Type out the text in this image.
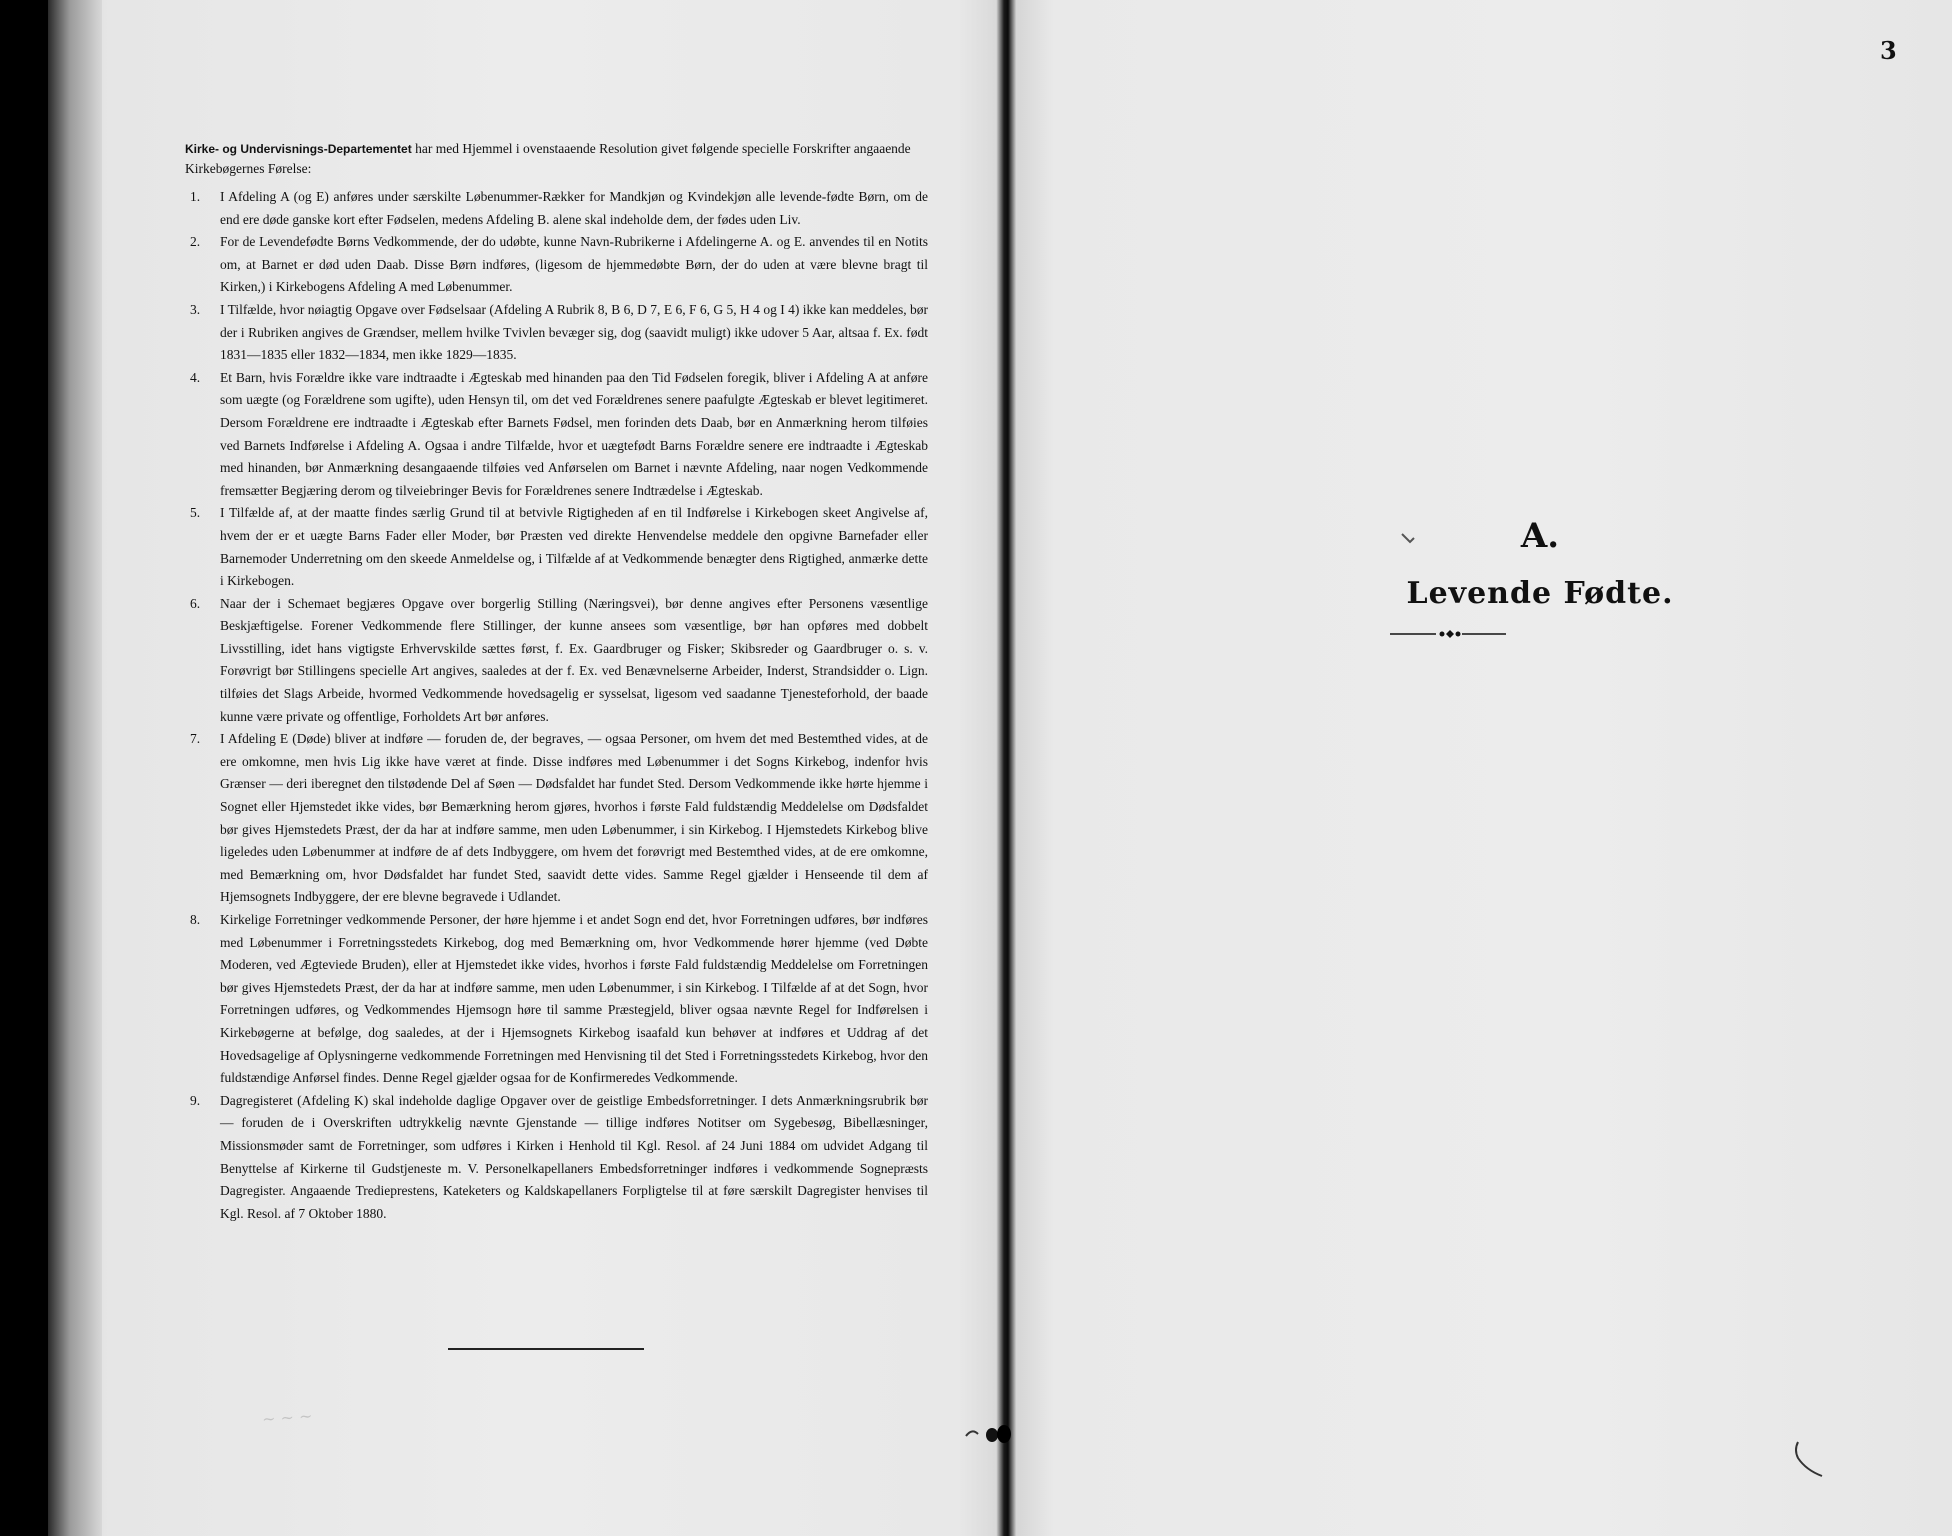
Kirke- og Undervisnings-Departementet har med Hjemmel i ovenstaaende Resolution givet følgende specielle Forskrifter angaaende Kirkebøgernes Førelse:

1.	I Afdeling A (og E) anføres under særskilte Løbenummer-Rækker for Mandkjøn og Kvindekjøn alle levende-fødte Børn, om de end ere døde ganske kort efter Fødselen, medens Afdeling B. alene skal indeholde dem, der fødes uden Liv.
2.	For de Levendefødte Børns Vedkommende, der do udøbte, kunne Navn-Rubrikerne i Afdelingerne A. og E. anvendes til en Notits om, at Barnet er død uden Daab. Disse Børn indføres, (ligesom de hjemmedøbte Børn, der do uden at være blevne bragt til Kirken,) i Kirkebogens Afdeling A med Løbenummer.
3.	I Tilfælde, hvor nøiagtig Opgave over Fødselsaar (Afdeling A Rubrik 8, B 6, D 7, E 6, F 6, G 5, H 4 og I 4) ikke kan meddeles, bør der i Rubriken angives de Grændser, mellem hvilke Tvivlen bevæger sig, dog (saavidt muligt) ikke udover 5 Aar, altsaa f. Ex. født 1831—1835 eller 1832—1834, men ikke 1829—1835.
4.	Et Barn, hvis Forældre ikke vare indtraadte i Ægteskab med hinanden paa den Tid Fødselen foregik, bliver i Afdeling A at anføre som uægte (og Forældrene som ugifte), uden Hensyn til, om det ved Forældrenes senere paafulgte Ægteskab er blevet legitimeret. Dersom Forældrene ere indtraadte i Ægteskab efter Barnets Fødsel, men forinden dets Daab, bør en Anmærkning herom tilføies ved Barnets Indførelse i Afdeling A. Ogsaa i andre Tilfælde, hvor et uægtefødt Barns Forældre senere ere indtraadte i Ægteskab med hinanden, bør Anmærkning desangaaende tilføies ved Anførselen om Barnet i nævnte Afdeling, naar nogen Vedkommende fremsætter Begjæring derom og tilveiebringer Bevis for Forældrenes senere Indtrædelse i Ægteskab.
5.	I Tilfælde af, at der maatte findes særlig Grund til at betvivle Rigtigheden af en til Indførelse i Kirkebogen skeet Angivelse af, hvem der er et uægte Barns Fader eller Moder, bør Præsten ved direkte Henvendelse meddele den opgivne Barnefader eller Barnemoder Underretning om den skeede Anmeldelse og, i Tilfælde af at Vedkommende benægter dens Rigtighed, anmærke dette i Kirkebogen.
6.	Naar der i Schemaet begjæres Opgave over borgerlig Stilling (Næringsvei), bør denne angives efter Personens væsentlige Beskjæftigelse. Forener Vedkommende flere Stillinger, der kunne ansees som væsentlige, bør han opføres med dobbelt Livsstilling, idet hans vigtigste Erhvervskilde sættes først, f. Ex. Gaardbruger og Fisker; Skibsreder og Gaardbruger o. s. v. Forøvrigt bør Stillingens specielle Art angives, saaledes at der f. Ex. ved Benævnelserne Arbeider, Inderst, Strandsidder o. Lign. tilføies det Slags Arbeide, hvormed Vedkommende hovedsagelig er sysselsat, ligesom ved saadanne Tjenesteforhold, der baade kunne være private og offentlige, Forholdets Art bør anføres.
7.	I Afdeling E (Døde) bliver at indføre — foruden de, der begraves, — ogsaa Personer, om hvem det med Bestemthed vides, at de ere omkomne, men hvis Lig ikke have været at finde. Disse indføres med Løbenummer i det Sogns Kirkebog, indenfor hvis Grænser — deri iberegnet den tilstødende Del af Søen — Dødsfaldet har fundet Sted. Dersom Vedkommende ikke hørte hjemme i Sognet eller Hjemstedet ikke vides, bør Bemærkning herom gjøres, hvorhos i første Fald fuldstændig Meddelelse om Dødsfaldet bør gives Hjemstedets Præst, der da har at indføre samme, men uden Løbenummer, i sin Kirkebog. I Hjemstedets Kirkebog blive ligeledes uden Løbenummer at indføre de af dets Indbyggere, om hvem det forøvrigt med Bestemthed vides, at de ere omkomne, med Bemærkning om, hvor Dødsfaldet har fundet Sted, saavidt dette vides. Samme Regel gjælder i Henseende til dem af Hjemsognets Indbyggere, der ere blevne begravede i Udlandet.
8.	Kirkelige Forretninger vedkommende Personer, der høre hjemme i et andet Sogn end det, hvor Forretningen udføres, bør indføres med Løbenummer i Forretningsstedets Kirkebog, dog med Bemærkning om, hvor Vedkommende hører hjemme (ved Døbte Moderen, ved Ægteviede Bruden), eller at Hjemstedet ikke vides, hvorhos i første Fald fuldstændig Meddelelse om Forretningen bør gives Hjemstedets Præst, der da har at indføre samme, men uden Løbenummer, i sin Kirkebog. I Tilfælde af at det Sogn, hvor Forretningen udføres, og Vedkommendes Hjemsogn høre til samme Præstegjeld, bliver ogsaa nævnte Regel for Indførelsen i Kirkebøgerne at befølge, dog saaledes, at der i Hjemsognets Kirkebog isaafald kun behøver at indføres et Uddrag af det Hovedsagelige af Oplysningerne vedkommende Forretningen med Henvisning til det Sted i Forretningsstedets Kirkebog, hvor den fuldstændige Anførsel findes. Denne Regel gjælder ogsaa for de Konfirmeredes Vedkommende.
9.	Dagregisteret (Afdeling K) skal indeholde daglige Opgaver over de geistlige Embedsforretninger. I dets Anmærkningsrubrik bør — foruden de i Overskriften udtrykkelig nævnte Gjenstande — tillige indføres Notitser om Sygebesøg, Bibellæsninger, Missionsmøder samt de Forretninger, som udføres i Kirken i Henhold til Kgl. Resol. af 24 Juni 1884 om udvidet Adgang til Benyttelse af Kirkerne til Gudstjeneste m. V. Personelkapellaners Embedsforretninger indføres i vedkommende Sognepræsts Dagregister. Angaaende Tredieprestens, Kateketers og Kaldskapellaners Forpligtelse til at føre særskilt Dagregister henvises til Kgl. Resol. af 7 Oktober 1880.
~ ~ ~
3
A.
Levende Fødte.
